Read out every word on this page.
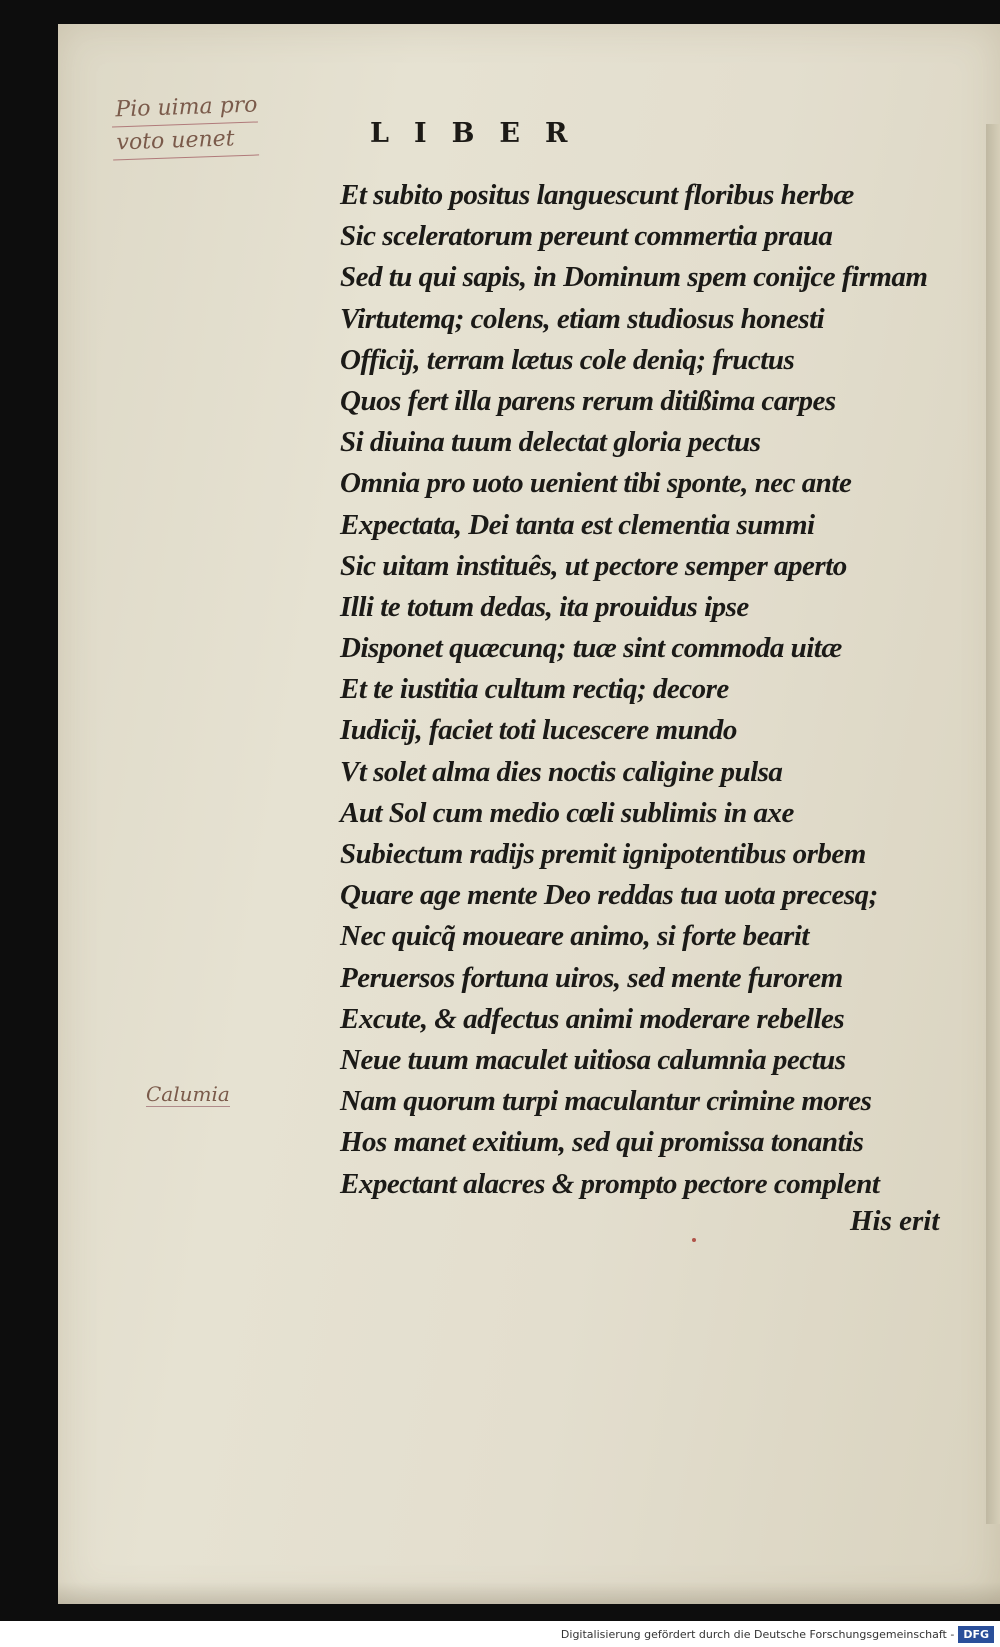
Pio uima pro
voto uenet	LIBER

Et subito positus languescunt floribus herbæ
Sic sceleratorum pereunt commertia praua
Sed tu qui sapis, in Dominum spem conijce firmam
Virtutemq; colens, etiam studiosus honesti
Officij, terram lætus cole deniq; fructus
Quos fert illa parens rerum ditißima carpes
Si diuina tuum delectat gloria pectus
Omnia pro uoto uenient tibi sponte, nec ante
Expectata, Dei tanta est clementia summi
Sic uitam instituês, ut pectore semper aperto
Illi te totum dedas, ita prouidus ipse
Disponet quæcunq; tuæ sint commoda uitæ
Et te iustitia cultum rectiq; decore
Iudicij, faciet toti lucescere mundo
Vt solet alma dies noctis caligine pulsa
Aut Sol cum medio cœli sublimis in axe
Subiectum radijs premit ignipotentibus orbem
Quare age mente Deo reddas tua uota precesq;
Nec quicq̃ mouearе animo, si forte bearit
Peruersos fortuna uiros, sed mente furorem
Excute, & adfectus animi moderare rebelles
Neue tuum maculet uitiosa calumnia pectus
Nam quorum turpi maculantur crimine mores
Hos manet exitium, sed qui promissa tonantis
Expectant alacres & prompto pectore complent

Calumia

His erit

Digitalisierung gefördert durch die Deutsche Forschungsgemeinschaft - DFG
